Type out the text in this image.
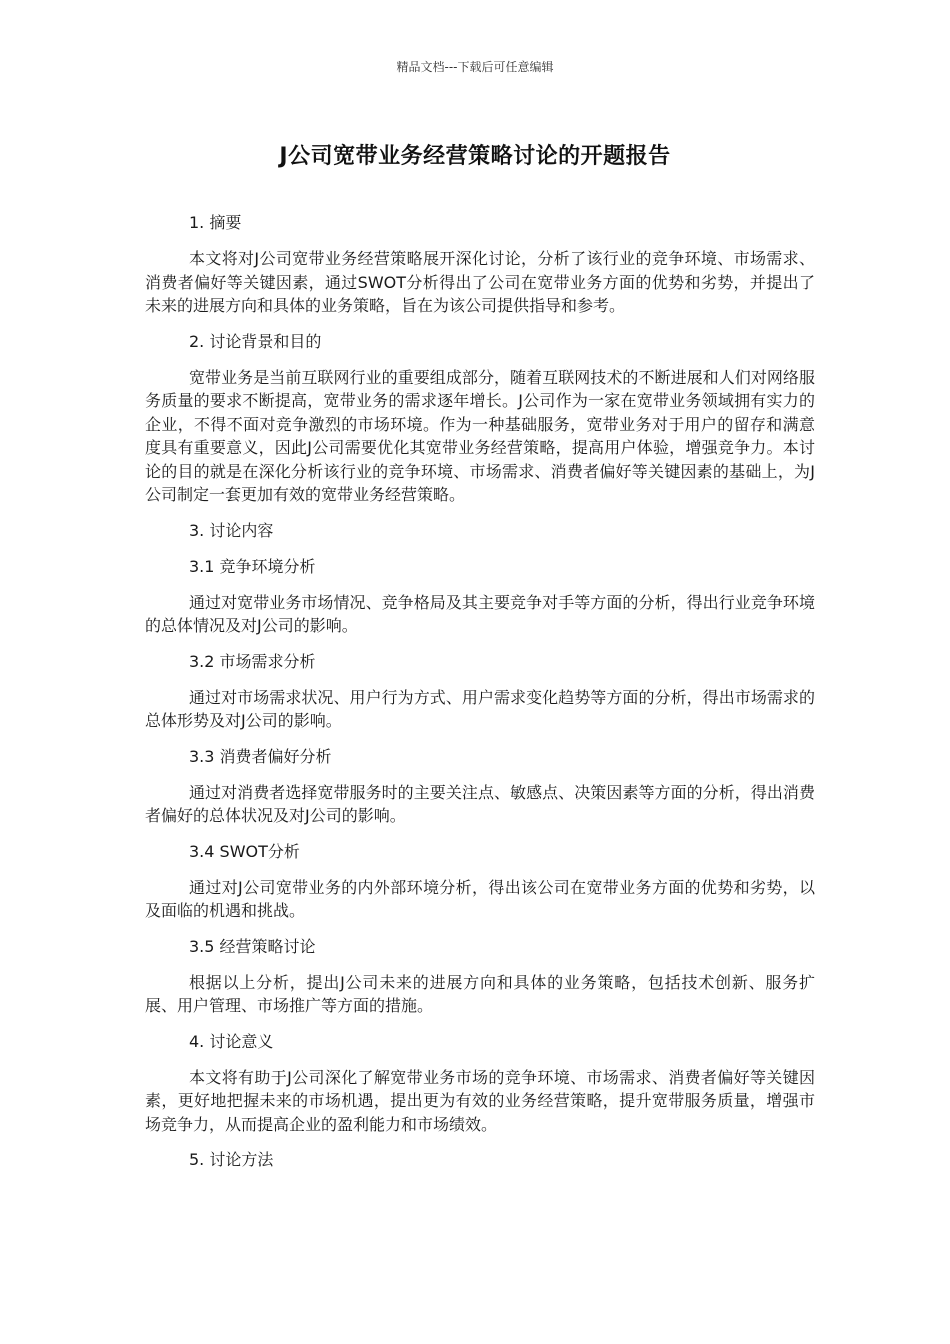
精品文档---下载后可任意编辑
J公司宽带业务经营策略讨论的开题报告

1. 摘要

本文将对J公司宽带业务经营策略展开深化讨论，分析了该行业的竞争环境、市场需求、消费者偏好等关键因素，通过SWOT分析得出了公司在宽带业务方面的优势和劣势，并提出了未来的进展方向和具体的业务策略，旨在为该公司提供指导和参考。

2. 讨论背景和目的

宽带业务是当前互联网行业的重要组成部分，随着互联网技术的不断进展和人们对网络服务质量的要求不断提高，宽带业务的需求逐年增长。J公司作为一家在宽带业务领域拥有实力的企业，不得不面对竞争激烈的市场环境。作为一种基础服务，宽带业务对于用户的留存和满意度具有重要意义，因此J公司需要优化其宽带业务经营策略，提高用户体验，增强竞争力。本讨论的目的就是在深化分析该行业的竞争环境、市场需求、消费者偏好等关键因素的基础上，为J公司制定一套更加有效的宽带业务经营策略。

3. 讨论内容

3.1 竞争环境分析

通过对宽带业务市场情况、竞争格局及其主要竞争对手等方面的分析，得出行业竞争环境的总体情况及对J公司的影响。

3.2 市场需求分析

通过对市场需求状况、用户行为方式、用户需求变化趋势等方面的分析，得出市场需求的总体形势及对J公司的影响。

3.3 消费者偏好分析

通过对消费者选择宽带服务时的主要关注点、敏感点、决策因素等方面的分析，得出消费者偏好的总体状况及对J公司的影响。

3.4 SWOT分析

通过对J公司宽带业务的内外部环境分析，得出该公司在宽带业务方面的优势和劣势，以及面临的机遇和挑战。

3.5 经营策略讨论

根据以上分析，提出J公司未来的进展方向和具体的业务策略，包括技术创新、服务扩展、用户管理、市场推广等方面的措施。

4. 讨论意义

本文将有助于J公司深化了解宽带业务市场的竞争环境、市场需求、消费者偏好等关键因素，更好地把握未来的市场机遇，提出更为有效的业务经营策略，提升宽带服务质量，增强市场竞争力，从而提高企业的盈利能力和市场绩效。

5. 讨论方法
